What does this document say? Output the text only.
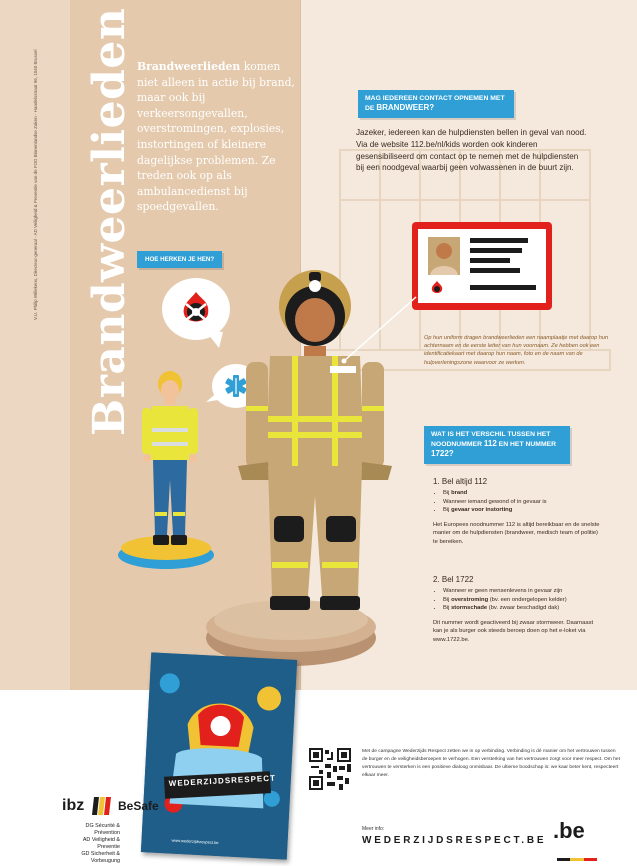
V.U. Philip Willekens, Directeur-generaal - AD Veiligheid & Preventie van de FOD Binnenlandse Zaken - Handelsstraat 96, 1040 Brussel Brandweerlieden Brandweerlieden komen niet alleen in actie bij brand, maar ook bij verkeersongevallen, overstromingen, explosies, instortingen of kleinere dagelijkse problemen. Ze treden ook op als ambulancedienst bij spoedgevallen.

HOE HERKEN JE HEN?
MAG IEDEREEN CONTACT OPNEMEN MET DE BRANDWEER?

Jazeker, iedereen kan de hulpdiensten bellen in geval van nood. Via de website 112.be/nl/kids worden ook kinderen gesensibiliseerd om contact op te nemen met de hulpdiensten bij een noodgeval waarbij geen volwassenen in de buurt zijn.

Op hun uniform dragen brandweerlieden een naamplaatje met daarop hun achternaam en de eerste letter van hun voornaam. Ze hebben ook een identificatiekaart met daarop hun naam, foto en de naam van de hulpverleningszone waarvoor ze werken.

WAT IS HET VERSCHIL TUSSEN HET NOODNUMMER 112 EN HET NUMMER 1722?
1. Bel altijd 112
• Bij brand
• Wanneer iemand gewond of in gevaar is
• Bij gevaar voor instorting

Het Europees noodnummer 112 is altijd bereikbaar en de snelste manier om de hulpdiensten (brandweer, medisch team of politie) te bereiken.

2. Bel 1722
• Wanneer er geen mensenlevens in gevaar zijn
• Bij overstroming (bv. een ondergelopen kelder)
• Bij stormschade (bv. zwaar beschadigd dak)

Dit nummer wordt geactiveerd bij zwaar stormweer. Daarnaast kan je als burger ook steeds beroep doen op het e-loket via www.1722.be.

WEDERZIJDSRESPECT
www.wederzijdsrespect.be

Met de campagne Wederzijds Respect zetten we in op verbinding. Verbinding is dé manier om het vertrouwen tussen de burger en de veiligheidsberoepen te verhogen. Een versterking van het vertrouwen zorgt voor meer respect. Om het vertrouwen te versterken is een positieve dialoog onmisbaar. De ultieme boodschap is: we kaar beter kent, respecteert elkaar meer.

Meer info:
WEDERZIJDSRESPECT.BE
ibz	BeSafe

DG Sécurité & Prévention
AD Veiligheid & Preventie
GD Sicherheit & Vorbeugung

.be
